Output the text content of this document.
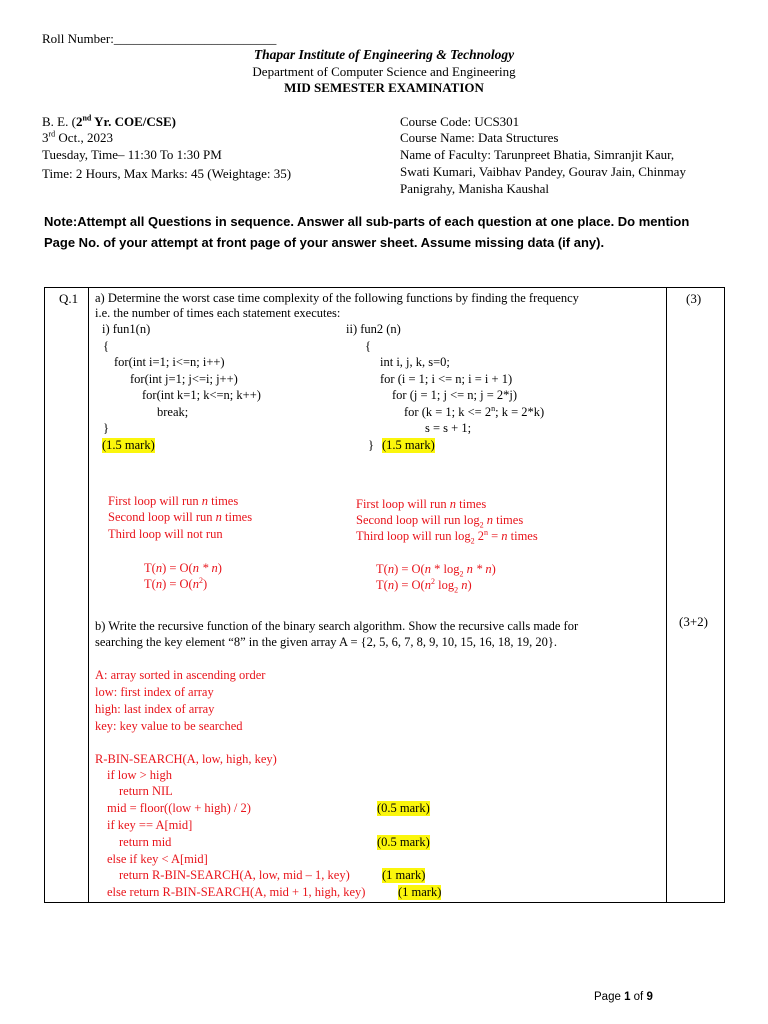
Roll Number:_________________________
Thapar Institute of Engineering & Technology
Department of Computer Science and Engineering
MID SEMESTER EXAMINATION
B. E. (2nd Yr. COE/CSE)
3rd Oct., 2023
Tuesday, Time– 11:30 To 1:30 PM
Time: 2 Hours, Max Marks: 45 (Weightage: 35)
Course Code: UCS301
Course Name: Data Structures
Name of Faculty: Tarunpreet Bhatia, Simranjit Kaur,
Swati Kumari, Vaibhav Pandey, Gourav Jain, Chinmay
Panigrahy, Manisha Kaushal
Note:Attempt all Questions in sequence. Answer all sub-parts of each question at one place. Do mention
Page No. of your attempt at front page of your answer sheet. Assume missing data (if any).
Q.1	(3)
(3+2)
a) Determine the worst case time complexity of the following functions by finding the frequency
i.e. the number of times each statement executes:
i) fun1(n)
{
for(int i=1; i<=n; i++)
for(int j=1; j<=i; j++)
for(int k=1; k<=n; k++)
break;
}
(1.5 mark)
ii) fun2 (n)
{
int i, j, k, s=0;
for (i = 1; i <= n; i = i + 1)
for (j = 1; j <= n; j = 2*j)
for (k = 1; $k <= 2^n$; k = 2*k)
s = s + 1;
} (1.5 mark)
First loop will run n times
Second loop will run n times
Third loop will not run
T(n) = O(n * n)
$T(n) = O(n^2)$
First loop will run n times
Second loop will run $\log_2 n$ times
Third loop will run $\log_2 2^n = n$ times
$T(n) = O(n * \log_2 n * n)$
$T(n) = O(n^2$ $\log_2 n$)
b) Write the recursive function of the binary search algorithm. Show the recursive calls made for
searching the key element “8” in the given array A = {2, 5, 6, 7, 8, 9, 10, 15, 16, 18, 19, 20}.
A: array sorted in ascending order
low: first index of array
high: last index of array
key: key value to be searched
R-BIN-SEARCH(A, low, high, key)
if low > high
return NIL
mid = floor((low + high) / 2)	(0.5 mark)
if key == A[mid]
return mid	(0.5 mark)
else if key < A[mid]
return R-BIN-SEARCH(A, low, mid – 1, key)	(1 mark)
else return R-BIN-SEARCH(A, mid + 1, high, key)	(1 mark)
Page 1 of 9
